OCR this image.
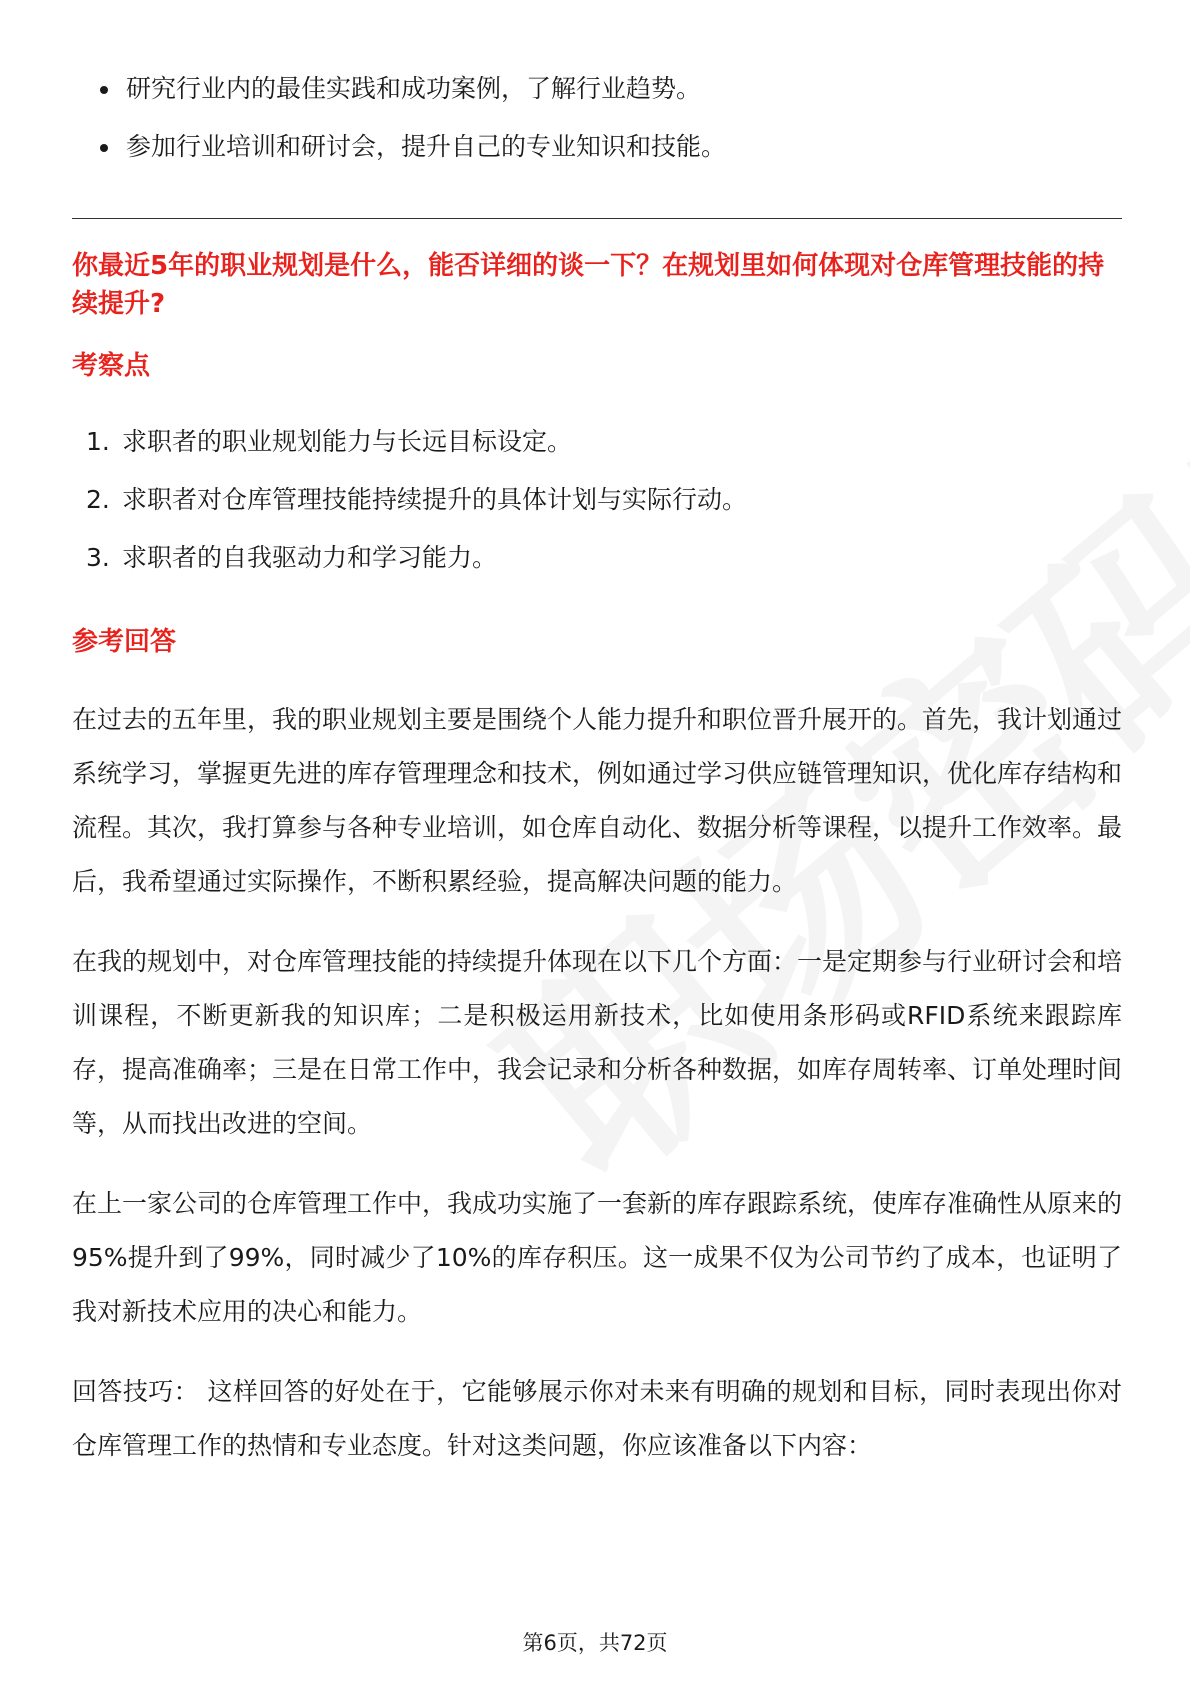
研究行业内的最佳实践和成功案例，了解行业趋势。
参加行业培训和研讨会，提升自己的专业知识和技能。
你最近5年的职业规划是什么，能否详细的谈一下？在规划里如何体现对仓库管理技能的持续提升?
考察点
1. 求职者的职业规划能力与长远目标设定。
2. 求职者对仓库管理技能持续提升的具体计划与实际行动。
3. 求职者的自我驱动力和学习能力。
参考回答

在过去的五年里，我的职业规划主要是围绕个人能力提升和职位晋升展开的。首先，我计划通过系统学习，掌握更先进的库存管理理念和技术，例如通过学习供应链管理知识，优化库存结构和流程。其次，我打算参与各种专业培训，如仓库自动化、数据分析等课程，以提升工作效率。最后，我希望通过实际操作，不断积累经验，提高解决问题的能力。

在我的规划中，对仓库管理技能的持续提升体现在以下几个方面：一是定期参与行业研讨会和培训课程，不断更新我的知识库；二是积极运用新技术，比如使用条形码或RFID系统来跟踪库存，提高准确率；三是在日常工作中，我会记录和分析各种数据，如库存周转率、订单处理时间等，从而找出改进的空间。

在上一家公司的仓库管理工作中，我成功实施了一套新的库存跟踪系统，使库存准确性从原来的95%提升到了99%，同时减少了10%的库存积压。这一成果不仅为公司节约了成本，也证明了我对新技术应用的决心和能力。

回答技巧： 这样回答的好处在于，它能够展示你对未来有明确的规划和目标，同时表现出你对仓库管理工作的热情和专业态度。针对这类问题，你应该准备以下内容：

第6页，共72页
